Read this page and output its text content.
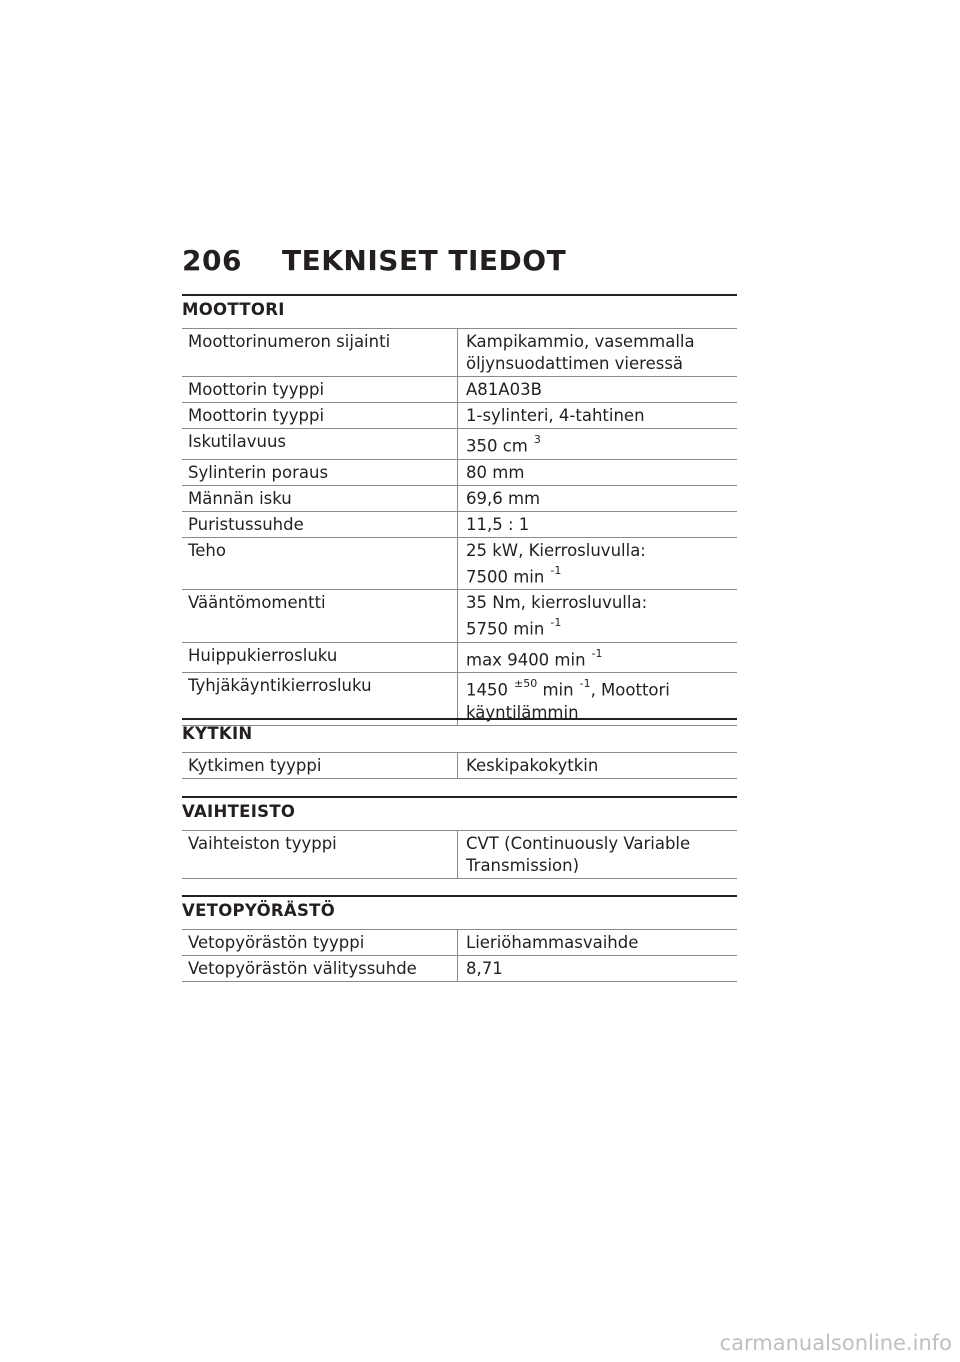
206 TEKNISET TIEDOT
MOOTTORI
Moottorinumeron sijainti	Kampikammio, vasemmalla
öljynsuodattimen vieressä
Moottorin tyyppi	A81A03B
Moottorin tyyppi	1-sylinteri, 4-tahtinen
Iskutilavuus	350 cm $^3$
Sylinterin poraus	80 mm
Männän isku	69,6 mm
Puristussuhde	11,5 : 1
Teho	25 kW, Kierrosluvulla:
7500 min $^{-1}$
Vääntömomentti	35 Nm, kierrosluvulla:
5750 min $^{-1}$
Huippukierrosluku	max 9400 min $^{-1}$
Tyhjäkäyntikierrosluku	1450 $^{\pm 50}$ min $^{-1}$, Moottori
käyntilämmin
KYTKIN
Kytkimen tyyppi	Keskipakokytkin
VAIHTEISTO
Vaihteiston tyyppi	CVT (Continuously Variable
Transmission)
VETOPYÖRÄSTÖ
Vetopyörästön tyyppi	Lieriöhammasvaihde
Vetopyörästön välityssuhde	8,71
carmanualsonline.info
